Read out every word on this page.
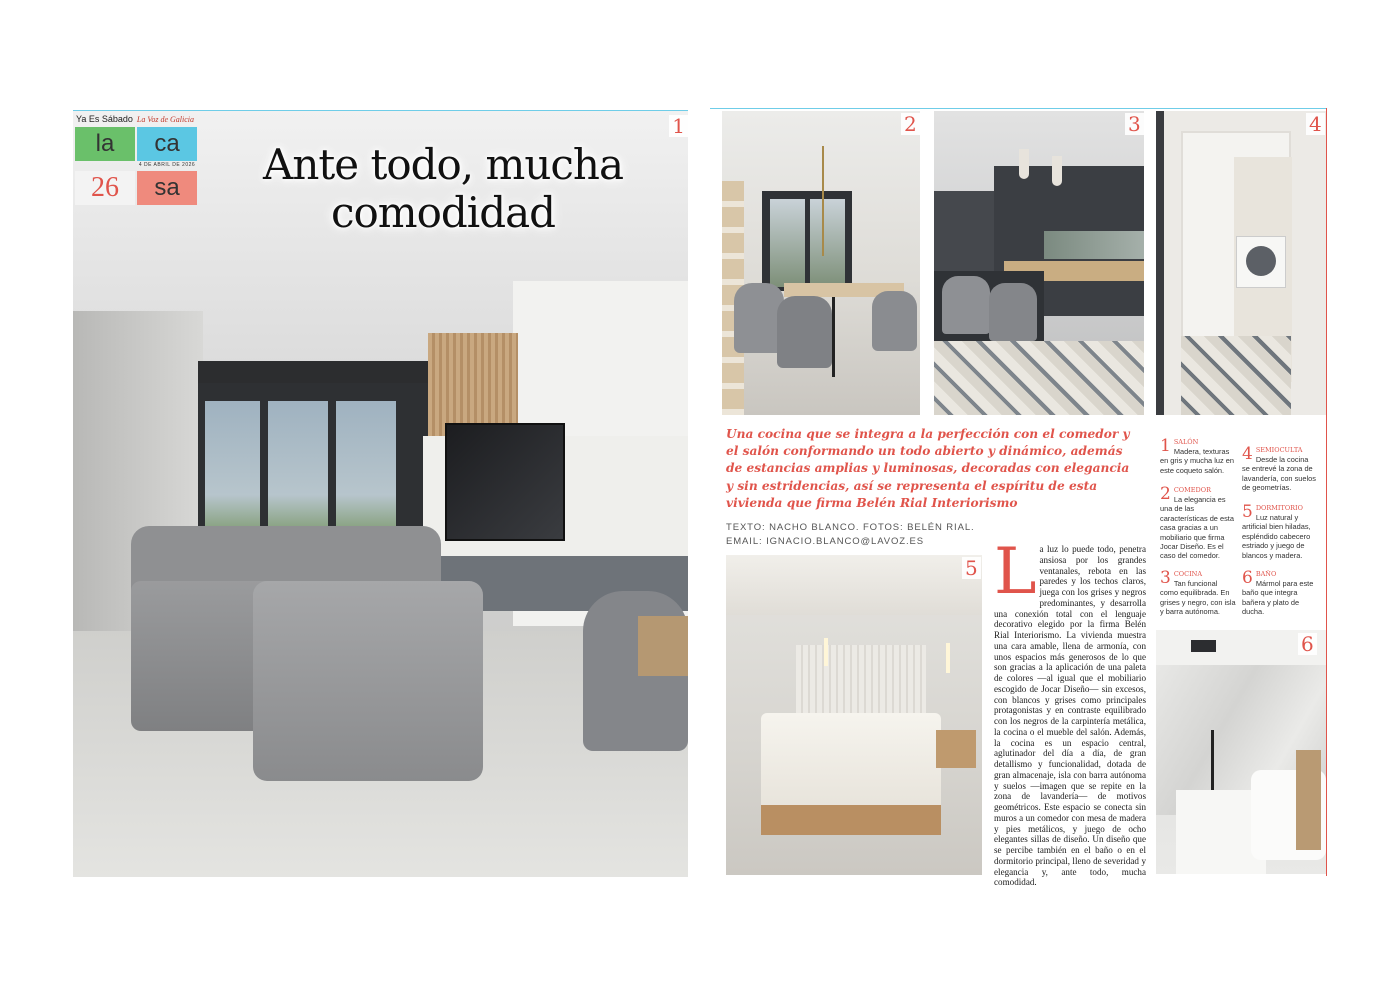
Ya Es Sábado La Voz de Galicia
la	ca
4 DE ABRIL DE 2026
26	sa	Ante todo, mucha
comodidad
1	2	3	4
Una cocina que se integra a la perfección con el comedor y el salón conformando un todo abierto y dinámico, además de estancias amplias y luminosas, decoradas con elegancia y sin estridencias, así se representa el espíritu de esta vivienda que firma Belén Rial Interiorismo
TEXTO: NACHO BLANCO. FOTOS: BELÉN RIAL.
EMAIL: IGNACIO.BLANCO@LAVOZ.ES
5 La luz lo puede todo, penetra ansiosa por los grandes ventanales, rebota en las paredes y los techos claros, juega con los grises y negros predominantes, y desarrolla una conexión total con el lenguaje decorativo elegido por la firma Belén Rial Interiorismo. La vivienda muestra una cara amable, llena de armonía, con unos espacios más generosos de lo que son gracias a la aplicación de una paleta de colores —al igual que el mobiliario escogido de Jocar Diseño— sin excesos, con blancos y grises como principales protagonistas y en contraste equilibrado con los negros de la carpintería metálica, la cocina o el mueble del salón. Además, la cocina es un espacio central, aglutinador del día a día, de gran detallismo y funcionalidad, dotada de gran almacenaje, isla con barra autónoma y suelos —imagen que se repite en la zona de lavandería— de motivos geométricos. Este espacio se conecta sin muros a un comedor con mesa de madera y pies metálicos, y juego de ocho elegantes sillas de diseño. Un diseño que se percibe también en el baño o en el dormitorio principal, lleno de severidad y elegancia y, ante todo, mucha comodidad.
1 SALÓN
Madera, texturas en gris y mucha luz en este coqueto salón.
2 COMEDOR
La elegancia es una de las características de esta casa gracias a un mobiliario que firma Jocar Diseño. Es el caso del comedor.
3 COCINA
Tan funcional como equilibrada. En grises y negro, con isla y barra autónoma.
4 SEMIOCULTA
Desde la cocina se entrevé la zona de lavandería, con suelos de geometrías.
5 DORMITORIO
Luz natural y artificial bien hiladas, espléndido cabecero estriado y juego de blancos y madera.
6 BAÑO
Mármol para este baño que integra bañera y plato de ducha.
6
